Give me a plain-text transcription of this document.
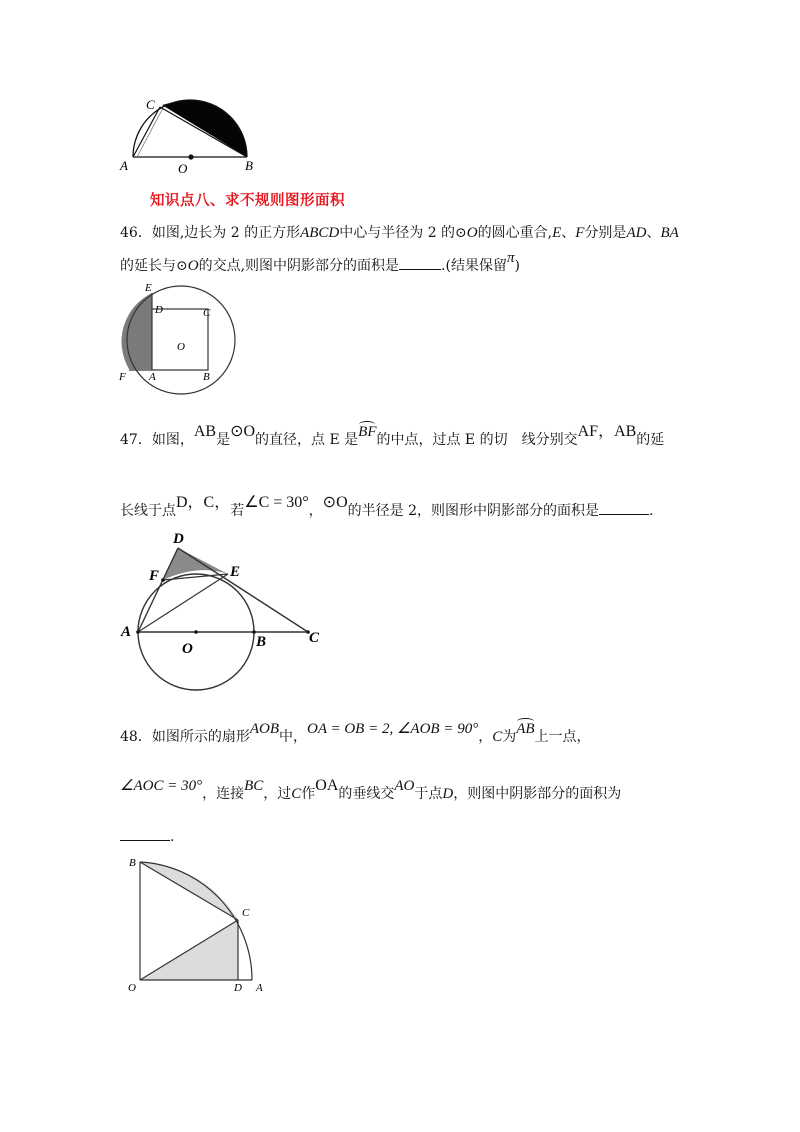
C
A	O	B
知识点八、求不规则图形面积
46．如图,边长为 2 的正方形ABCD中心与半径为 2 的⊙O的圆心重合,E、F分别是AD、BA
的延长与⊙O的交点,则图中阴影部分的面积是	.(结果保留π)
E
D	C
O
F A	B
47．如图，AB是⊙O的直径，点 E 是BF的中点，过点 E 的切　线分别交AF，AB的延
长线于点D，C，若∠C = 30°，⊙O的半径是 2，则图形中阴影部分的面积是	.
D
F	E
A
O	B	C
48．如图所示的扇形AOB中，OA = OB = 2, ∠AOB = 90°，C为AB上一点，
∠AOC = 30°，连接BC，过C作OA的垂线交AO于点D，则图中阴影部分的面积为
.
B
C
O	D A
